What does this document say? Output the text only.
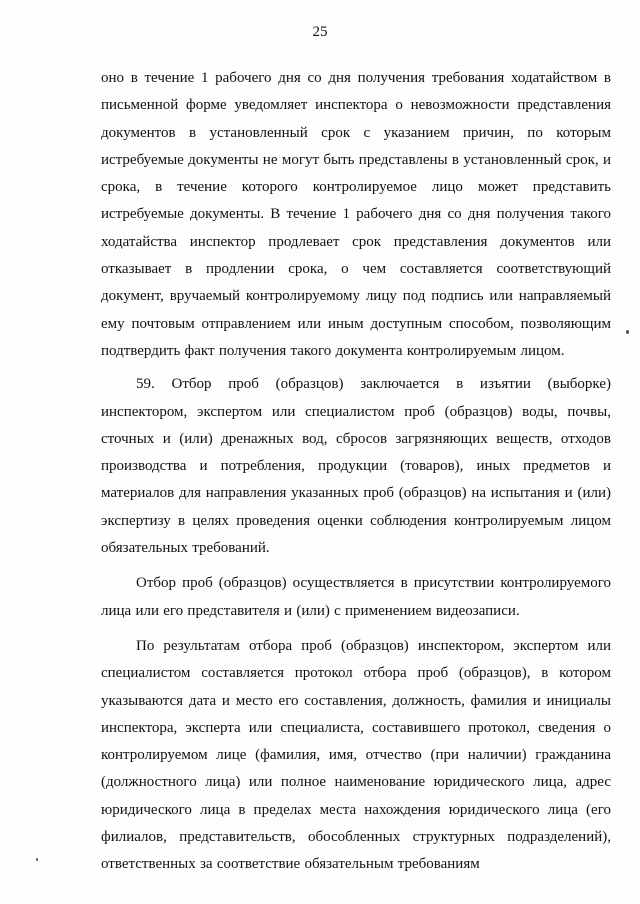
25

оно в течение 1 рабочего дня со дня получения требования ходатайством в письменной форме уведомляет инспектора о невозможности представления документов в установленный срок с указанием причин, по которым истребуемые документы не могут быть представлены в установленный срок, и срока, в течение которого контролируемое лицо может представить истребуемые документы. В течение 1 рабочего дня со дня получения такого ходатайства инспектор продлевает срок представления документов или отказывает в продлении срока, о чем составляется соответствующий документ, вручаемый контролируемому лицу под подпись или направляемый ему почтовым отправлением или иным доступным способом, позволяющим подтвердить факт получения такого документа контролируемым лицом.

59. Отбор проб (образцов) заключается в изъятии (выборке) инспектором, экспертом или специалистом проб (образцов) воды, почвы, сточных и (или) дренажных вод, сбросов загрязняющих веществ, отходов производства и потребления, продукции (товаров), иных предметов и материалов для направления указанных проб (образцов) на испытания и (или) экспертизу в целях проведения оценки соблюдения контролируемым лицом обязательных требований.

Отбор проб (образцов) осуществляется в присутствии контролируемого лица или его представителя и (или) с применением видеозаписи.

По результатам отбора проб (образцов) инспектором, экспертом или специалистом составляется протокол отбора проб (образцов), в котором указываются дата и место его составления, должность, фамилия и инициалы инспектора, эксперта или специалиста, составившего протокол, сведения о контролируемом лице (фамилия, имя, отчество (при наличии) гражданина (должностного лица) или полное наименование юридического лица, адрес юридического лица в пределах места нахождения юридического лица (его филиалов, представительств, обособленных структурных подразделений), ответственных за соответствие обязательным требованиям
